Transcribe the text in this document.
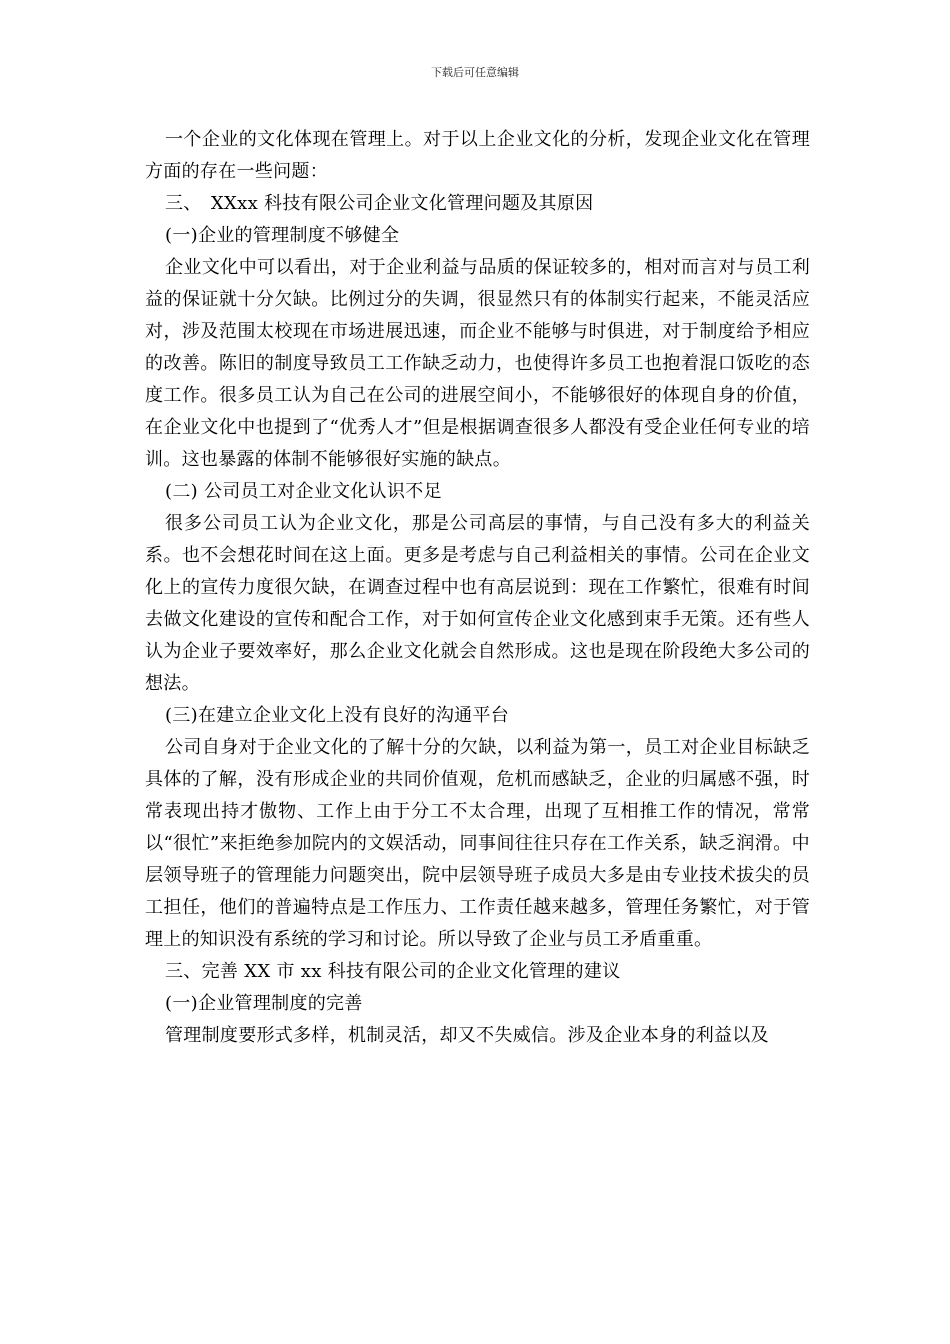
下载后可任意编辑

一个企业的文化体现在管理上。对于以上企业文化的分析，发现企业文化在管理方面的存在一些问题：

三、　XXxx 科技有限公司企业文化管理问题及其原因

(一)企业的管理制度不够健全

企业文化中可以看出，对于企业利益与品质的保证较多的，相对而言对与员工利益的保证就十分欠缺。比例过分的失调，很显然只有的体制实行起来，不能灵活应对，涉及范围太校现在市场进展迅速，而企业不能够与时俱进，对于制度给予相应的改善。陈旧的制度导致员工工作缺乏动力，也使得许多员工也抱着混口饭吃的态度工作。很多员工认为自己在公司的进展空间小，不能够很好的体现自身的价值，在企业文化中也提到了“优秀人才”但是根据调查很多人都没有受企业任何专业的培训。这也暴露的体制不能够很好实施的缺点。

(二) 公司员工对企业文化认识不足

很多公司员工认为企业文化，那是公司高层的事情，与自己没有多大的利益关系。也不会想花时间在这上面。更多是考虑与自己利益相关的事情。公司在企业文化上的宣传力度很欠缺，在调查过程中也有高层说到：现在工作繁忙，很难有时间去做文化建设的宣传和配合工作，对于如何宣传企业文化感到束手无策。还有些人认为企业子要效率好，那么企业文化就会自然形成。这也是现在阶段绝大多公司的想法。

(三)在建立企业文化上没有良好的沟通平台

公司自身对于企业文化的了解十分的欠缺，以利益为第一，员工对企业目标缺乏具体的了解，没有形成企业的共同价值观，危机而感缺乏，企业的归属感不强，时常表现出持才傲物、工作上由于分工不太合理，出现了互相推工作的情况，常常以“很忙”来拒绝参加院内的文娱活动，同事间往往只存在工作关系，缺乏润滑。中层领导班子的管理能力问题突出，院中层领导班子成员大多是由专业技术拔尖的员工担任，他们的普遍特点是工作压力、工作责任越来越多，管理任务繁忙，对于管理上的知识没有系统的学习和讨论。所以导致了企业与员工矛盾重重。

三、完善 XX 市 xx 科技有限公司的企业文化管理的建议

(一)企业管理制度的完善

管理制度要形式多样，机制灵活，却又不失威信。涉及企业本身的利益以及
